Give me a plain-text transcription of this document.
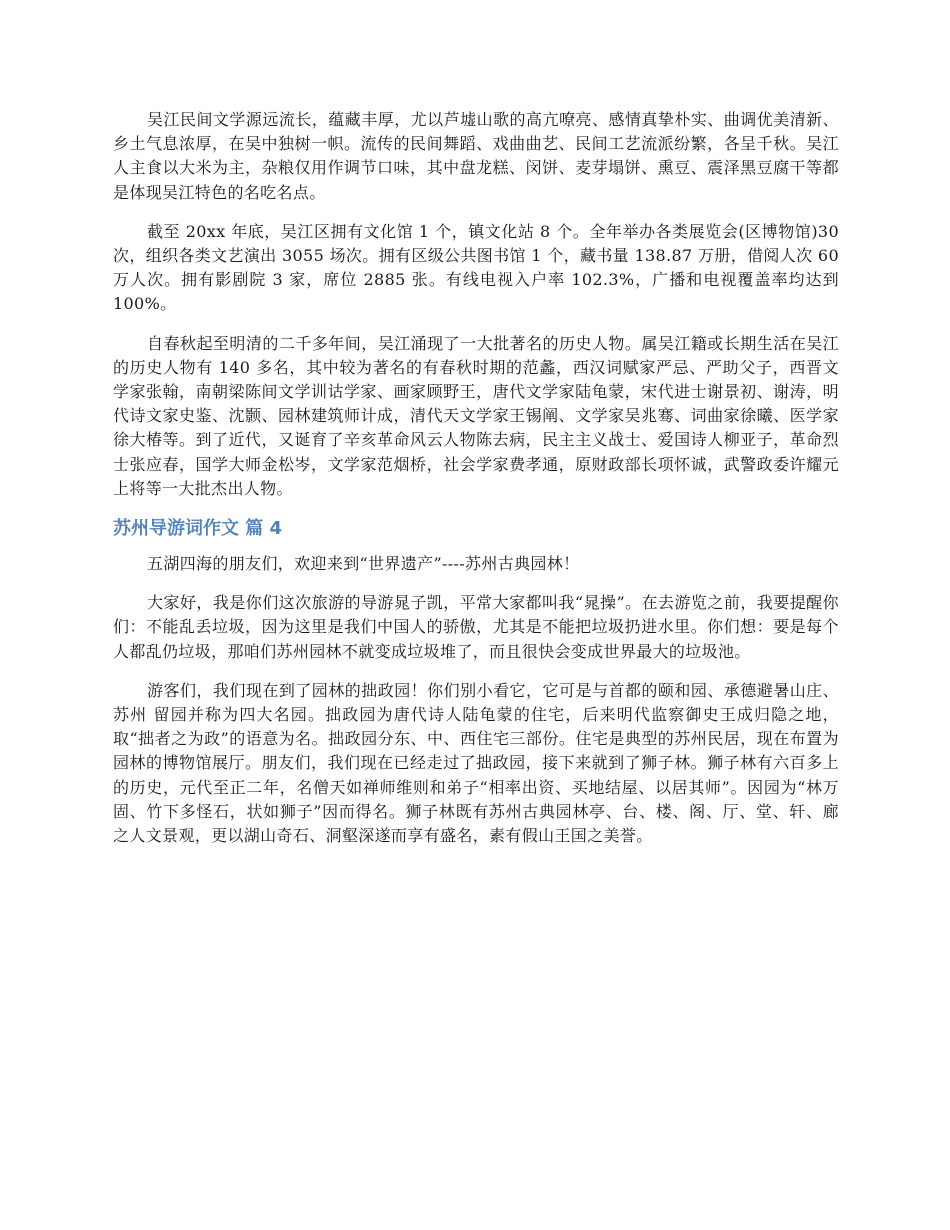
吴江民间文学源远流长，蕴藏丰厚，尤以芦墟山歌的高亢嘹亮、感情真挚朴实、曲调优美清新、乡土气息浓厚，在吴中独树一帜。流传的民间舞蹈、戏曲曲艺、民间工艺流派纷繁，各呈千秋。吴江人主食以大米为主，杂粮仅用作调节口味，其中盘龙糕、闵饼、麦芽塌饼、熏豆、震泽黑豆腐干等都是体现吴江特色的名吃名点。

截至 20xx 年底，吴江区拥有文化馆 1 个，镇文化站 8 个。全年举办各类展览会(区博物馆)30 次，组织各类文艺演出 3055 场次。拥有区级公共图书馆 1 个，藏书量 138.87 万册，借阅人次 60 万人次。拥有影剧院 3 家，席位 2885 张。有线电视入户率 102.3%，广播和电视覆盖率均达到 100%。

自春秋起至明清的二千多年间，吴江涌现了一大批著名的历史人物。属吴江籍或长期生活在吴江的历史人物有 140 多名，其中较为著名的有春秋时期的范蠡，西汉词赋家严忌、严助父子，西晋文学家张翰，南朝梁陈间文学训诂学家、画家顾野王，唐代文学家陆龟蒙，宋代进士谢景初、谢涛，明代诗文家史鉴、沈颢、园林建筑师计成，清代天文学家王锡阐、文学家吴兆骞、词曲家徐曦、医学家徐大椿等。到了近代，又诞育了辛亥革命风云人物陈去病，民主主义战士、爱国诗人柳亚子，革命烈士张应春，国学大师金松岑，文学家范烟桥，社会学家费孝通，原财政部长项怀诚，武警政委许耀元上将等一大批杰出人物。

苏州导游词作文 篇 4

五湖四海的朋友们，欢迎来到“世界遗产”----苏州古典园林！

大家好，我是你们这次旅游的导游晁子凯，平常大家都叫我“晁操”。在去游览之前，我要提醒你们：不能乱丢垃圾，因为这里是我们中国人的骄傲，尤其是不能把垃圾扔进水里。你们想：要是每个人都乱仍垃圾，那咱们苏州园林不就变成垃圾堆了，而且很快会变成世界最大的垃圾池。

游客们，我们现在到了园林的拙政园！你们别小看它，它可是与首都的颐和园、承德避暑山庄、苏州 留园并称为四大名园。拙政园为唐代诗人陆龟蒙的住宅，后来明代监察御史王成归隐之地，取“拙者之为政”的语意为名。拙政园分东、中、西住宅三部份。住宅是典型的苏州民居，现在布置为园林的博物馆展厅。朋友们，我们现在已经走过了拙政园，接下来就到了狮子林。狮子林有六百多上的历史，元代至正二年，名僧天如禅师维则和弟子“相率出资、买地结屋、以居其师”。因园为“林万固、竹下多怪石，状如狮子”因而得名。狮子林既有苏州古典园林亭、台、楼、阁、厅、堂、轩、廊之人文景观，更以湖山奇石、洞壑深遂而享有盛名，素有假山王国之美誉。
